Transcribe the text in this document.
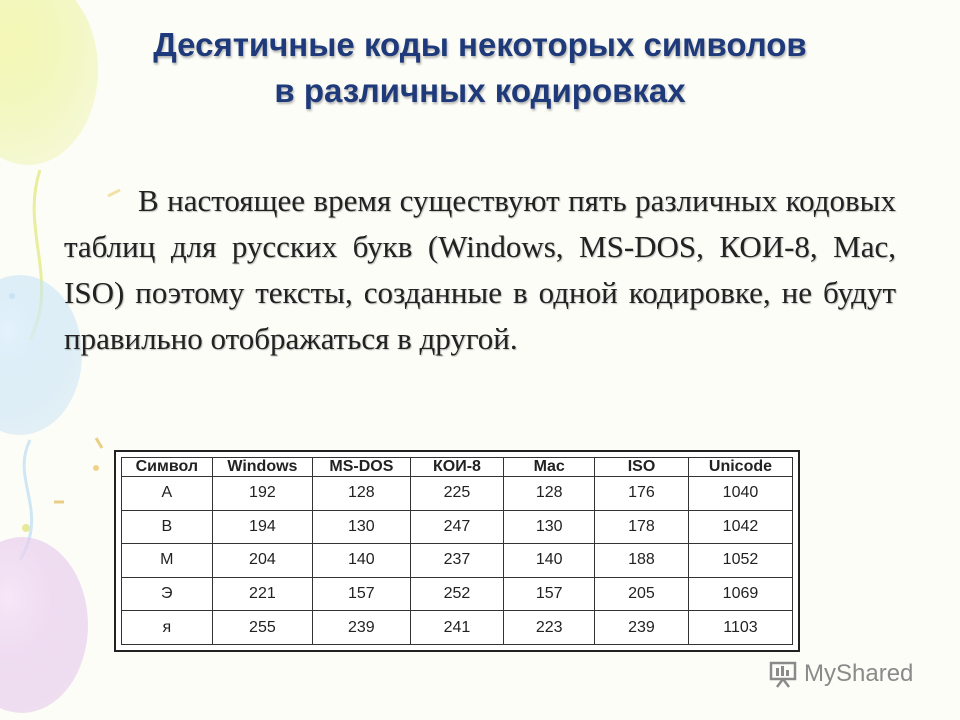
Десятичные коды некоторых символов
в различных кодировках
В настоящее время существуют пять различных кодовых таблиц для русских букв (Windows, MS-DOS, КОИ-8, Mac, ISO) поэтому тексты, созданные в одной кодировке, не будут правильно отображаться в другой.
Символ	Windows	MS-DOS	КОИ-8	Mac	ISO	Unicode
А	192	128	225	128	176	1040
В	194	130	247	130	178	1042
М	204	140	237	140	188	1052
Э	221	157	252	157	205	1069
я	255	239	241	223	239	1103
MyShared
